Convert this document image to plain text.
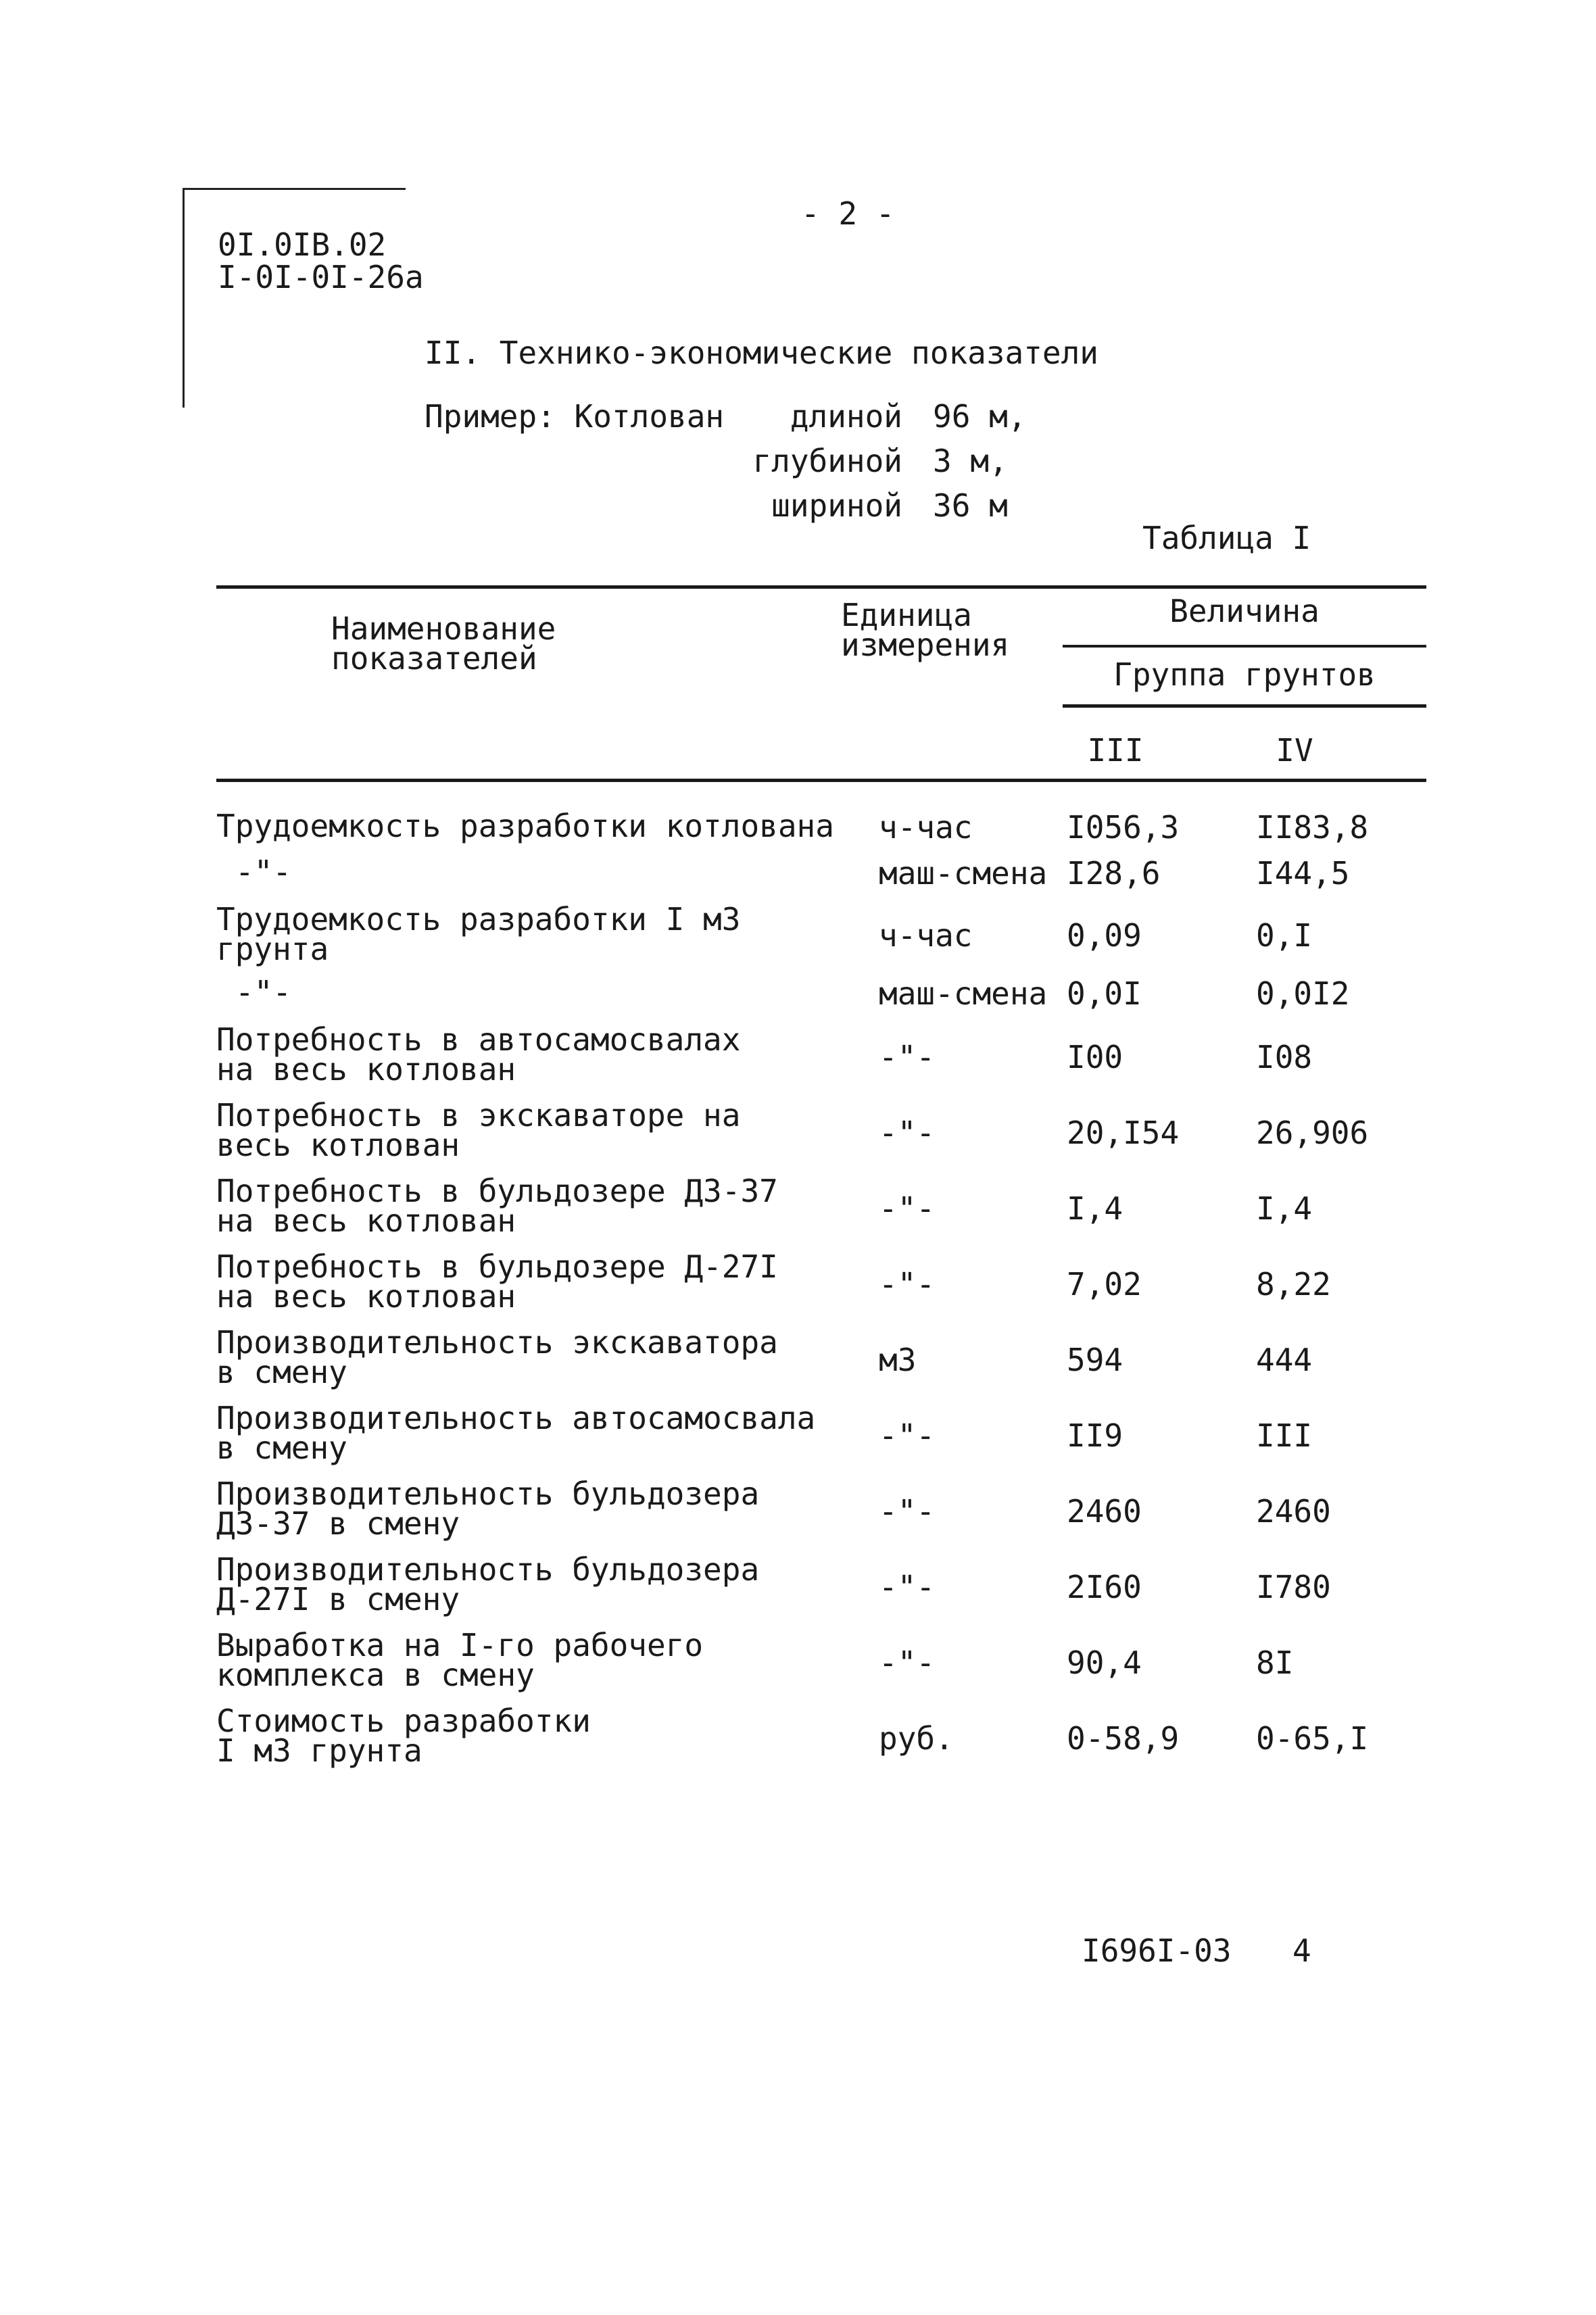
- 2 -
0I.0IB.02
I-0I-0I-26a
II. Технико-экономические показатели
Пример: Котлован	длиной 96 м,
глубиной 3 м,
шириной 36 м
Таблица I
Наименование
показателей
Единица
измерения
Величина
Группа грунтов
III	IV
Трудоемкость разработки котлована ч-час	I056,3 II83,8
-"-	маш-смена I28,6	I44,5
Трудоемкость разработки I м3
грунта	ч-час	0,09	0,I
-"-	маш-смена 0,0I	0,0I2
Потребность в автосамосвалах
на весь котлован	-"-	I00	I08
Потребность в экскаваторе на
весь котлован	-"-	20,I54 26,906
Потребность в бульдозере ДЗ-37
на весь котлован	-"-	I,4	I,4
Потребность в бульдозере Д-27I
на весь котлован	-"-	7,02	8,22
Производительность экскаватора
в смену	м3	594	444
Производительность автосамосвала
в смену	-"-	II9	III
Производительность бульдозера
ДЗ-37 в смену	-"-	2460	2460
Производительность бульдозера
Д-27I в смену	-"-	2I60	I780
Выработка на I-го рабочего
комплекса в смену	-"-	90,4	8I
Стоимость разработки
I м3 грунта	руб.	0-58,9 0-65,I
I696I-03 4
